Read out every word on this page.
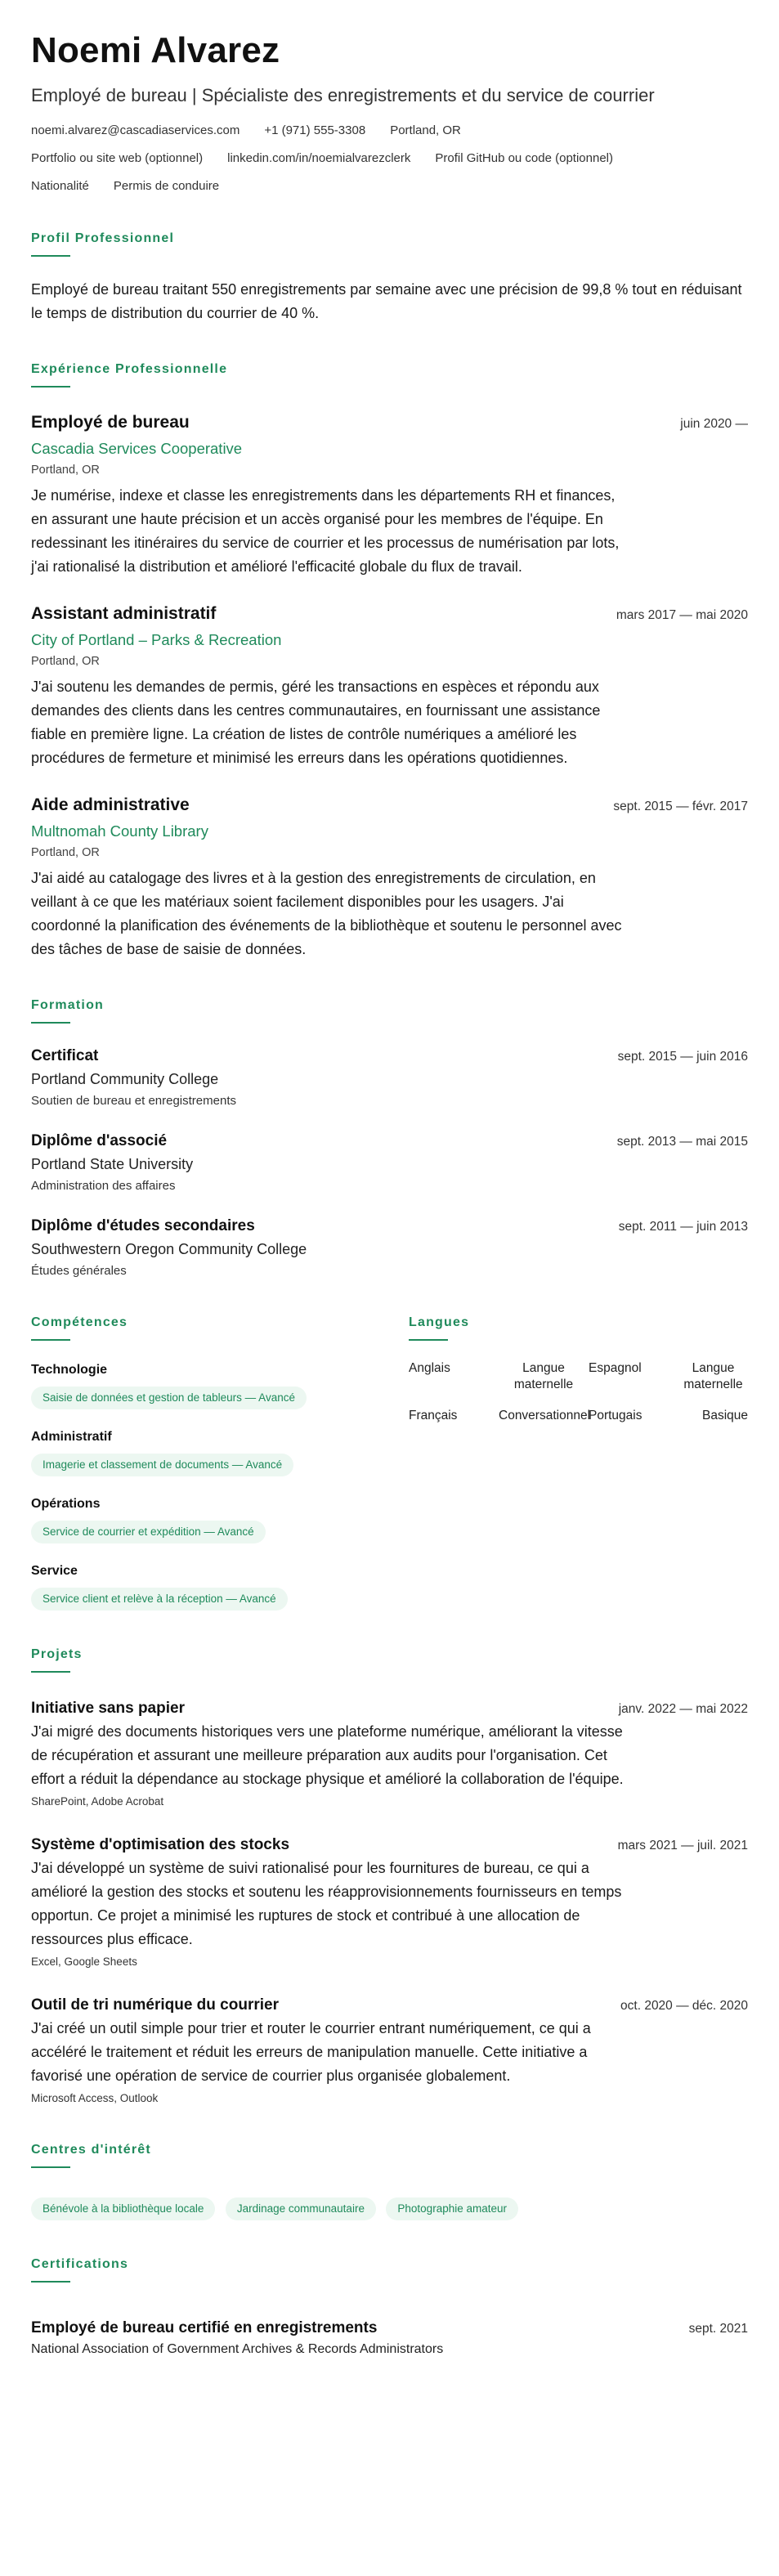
Noemi Alvarez
Employé de bureau | Spécialiste des enregistrements et du service de courrier
noemi.alvarez@cascadiaservices.com +1 (971) 555-3308 Portland, OR
Portfolio ou site web (optionnel) linkedin.com/in/noemialvarezclerk Profil GitHub ou code (optionnel)
Nationalité Permis de conduire
Profil Professionnel
Employé de bureau traitant 550 enregistrements par semaine avec une précision de 99,8 % tout en réduisant le temps de distribution du courrier de 40 %.
Expérience Professionnelle
Employé de bureau	juin 2020 —
Cascadia Services Cooperative
Portland, OR
Je numérise, indexe et classe les enregistrements dans les départements RH et finances, en assurant une haute précision et un accès organisé pour les membres de l'équipe. En redessinant les itinéraires du service de courrier et les processus de numérisation par lots, j'ai rationalisé la distribution et amélioré l'efficacité globale du flux de travail.
Assistant administratif	mars 2017 — mai 2020
City of Portland – Parks & Recreation
Portland, OR
J'ai soutenu les demandes de permis, géré les transactions en espèces et répondu aux demandes des clients dans les centres communautaires, en fournissant une assistance fiable en première ligne. La création de listes de contrôle numériques a amélioré les procédures de fermeture et minimisé les erreurs dans les opérations quotidiennes.
Aide administrative	sept. 2015 — févr. 2017
Multnomah County Library
Portland, OR
J'ai aidé au catalogage des livres et à la gestion des enregistrements de circulation, en veillant à ce que les matériaux soient facilement disponibles pour les usagers. J'ai coordonné la planification des événements de la bibliothèque et soutenu le personnel avec des tâches de base de saisie de données.
Formation
Certificat	sept. 2015 — juin 2016
Portland Community College
Soutien de bureau et enregistrements
Diplôme d'associé	sept. 2013 — mai 2015
Portland State University
Administration des affaires
Diplôme d'études secondaires	sept. 2011 — juin 2013
Southwestern Oregon Community College
Études générales
Compétences
Technologie
Saisie de données et gestion de tableurs — Avancé
Administratif
Imagerie et classement de documents — Avancé
Opérations
Service de courrier et expédition — Avancé
Service
Service client et relève à la réception — Avancé
Langues
Anglais	Langue maternelle
Espagnol	Langue maternelle
Français	Conversationnel
Portugais	Basique
Projets
Initiative sans papier	janv. 2022 — mai 2022
J'ai migré des documents historiques vers une plateforme numérique, améliorant la vitesse de récupération et assurant une meilleure préparation aux audits pour l'organisation. Cet effort a réduit la dépendance au stockage physique et amélioré la collaboration de l'équipe.
SharePoint, Adobe Acrobat
Système d'optimisation des stocks	mars 2021 — juil. 2021
J'ai développé un système de suivi rationalisé pour les fournitures de bureau, ce qui a amélioré la gestion des stocks et soutenu les réapprovisionnements fournisseurs en temps opportun. Ce projet a minimisé les ruptures de stock et contribué à une allocation de ressources plus efficace.
Excel, Google Sheets
Outil de tri numérique du courrier	oct. 2020 — déc. 2020
J'ai créé un outil simple pour trier et router le courrier entrant numériquement, ce qui a accéléré le traitement et réduit les erreurs de manipulation manuelle. Cette initiative a favorisé une opération de service de courrier plus organisée globalement.
Microsoft Access, Outlook
Centres d'intérêt
Bénévole à la bibliothèque locale	Jardinage communautaire	Photographie amateur
Certifications
Employé de bureau certifié en enregistrements	sept. 2021
National Association of Government Archives & Records Administrators
